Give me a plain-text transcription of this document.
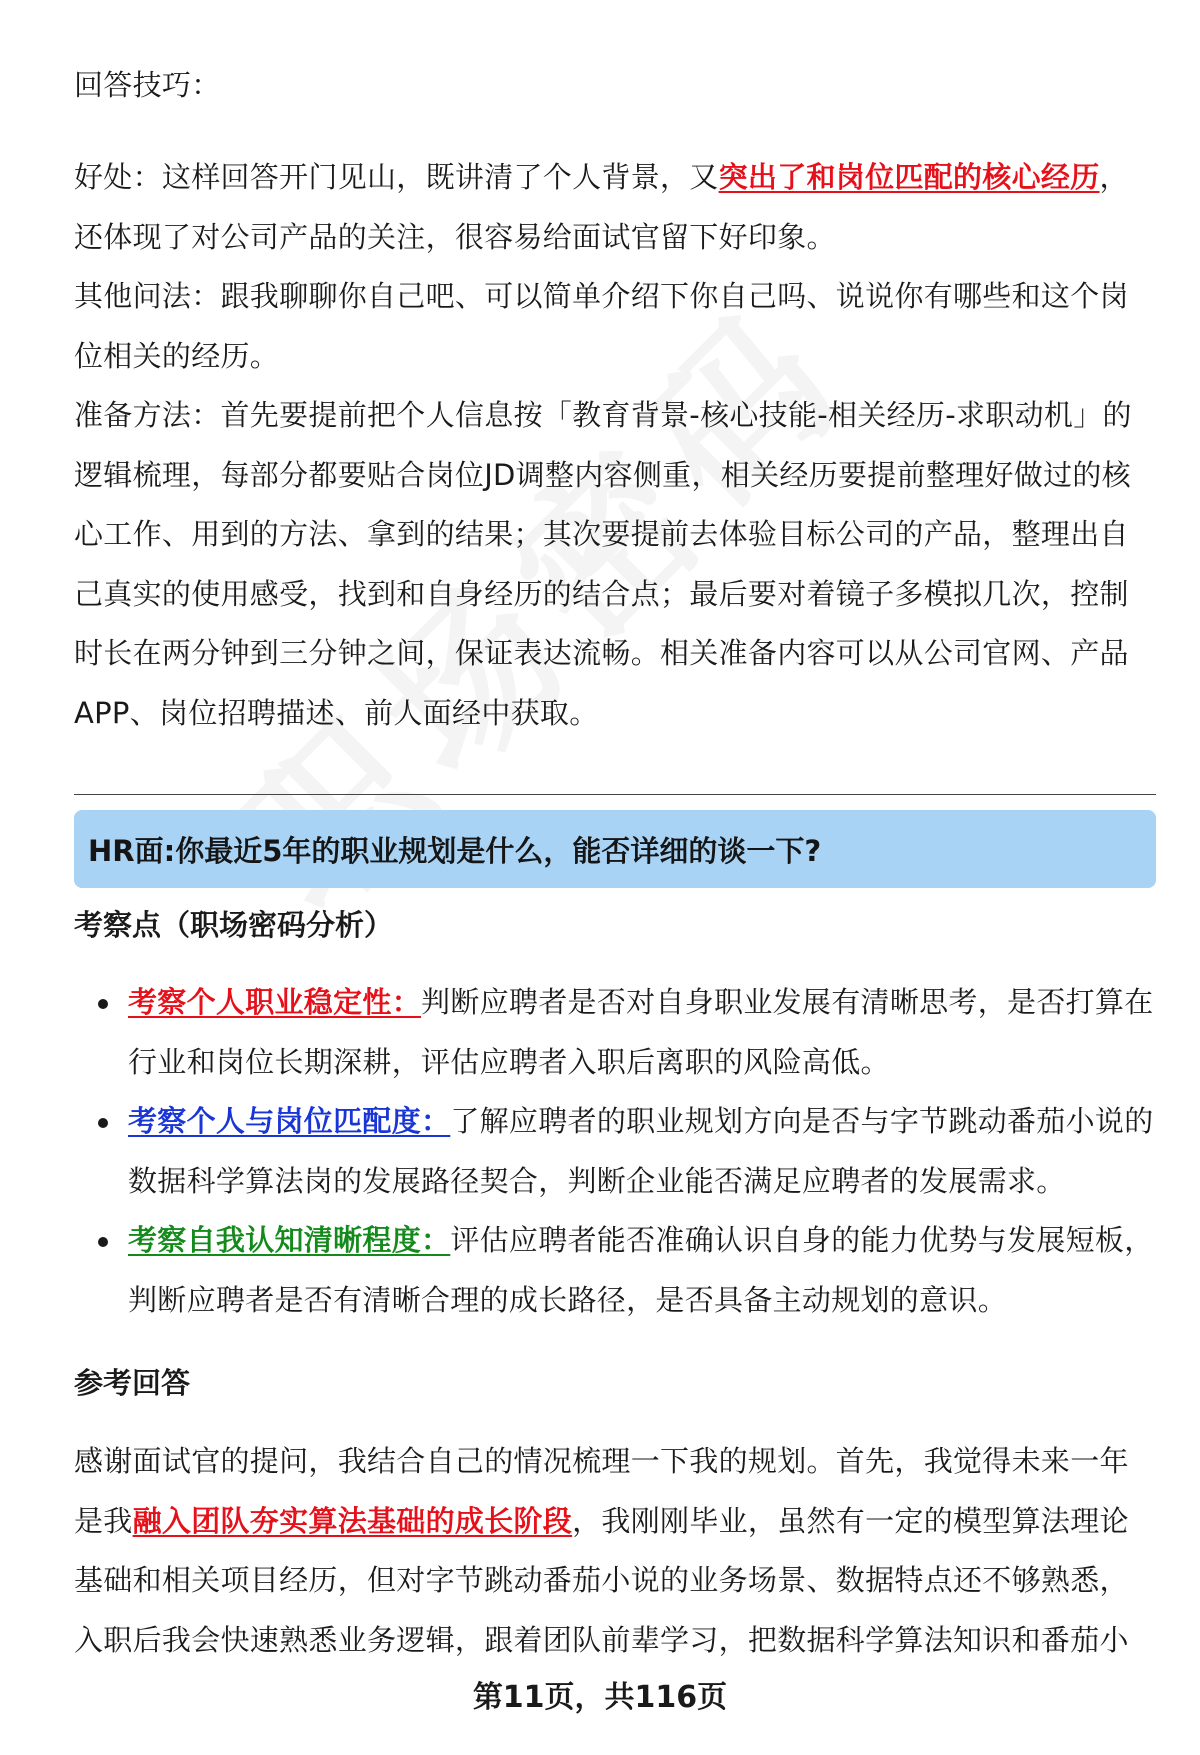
回答技巧：

好处：这样回答开门见山，既讲清了个人背景，又突出了和岗位匹配的核心经历，还体现了对公司产品的关注，很容易给面试官留下好印象。

其他问法：跟我聊聊你自己吧、可以简单介绍下你自己吗、说说你有哪些和这个岗位相关的经历。

准备方法：首先要提前把个人信息按「教育背景-核心技能-相关经历-求职动机」的逻辑梳理，每部分都要贴合岗位JD调整内容侧重，相关经历要提前整理好做过的核心工作、用到的方法、拿到的结果；其次要提前去体验目标公司的产品，整理出自己真实的使用感受，找到和自身经历的结合点；最后要对着镜子多模拟几次，控制时长在两分钟到三分钟之间，保证表达流畅。相关准备内容可以从公司官网、产品APP、岗位招聘描述、前人面经中获取。

HR面:你最近5年的职业规划是什么，能否详细的谈一下?

考察点（职场密码分析）

考察个人职业稳定性：判断应聘者是否对自身职业发展有清晰思考，是否打算在行业和岗位长期深耕，评估应聘者入职后离职的风险高低。
考察个人与岗位匹配度：了解应聘者的职业规划方向是否与字节跳动番茄小说的数据科学算法岗的发展路径契合，判断企业能否满足应聘者的发展需求。
考察自我认知清晰程度：评估应聘者能否准确认识自身的能力优势与发展短板，判断应聘者是否有清晰合理的成长路径，是否具备主动规划的意识。

参考回答

感谢面试官的提问，我结合自己的情况梳理一下我的规划。首先，我觉得未来一年是我融入团队夯实算法基础的成长阶段，我刚刚毕业，虽然有一定的模型算法理论基础和相关项目经历，但对字节跳动番茄小说的业务场景、数据特点还不够熟悉，入职后我会快速熟悉业务逻辑，跟着团队前辈学习，把数据科学算法知识和番茄小

第11页，共116页
